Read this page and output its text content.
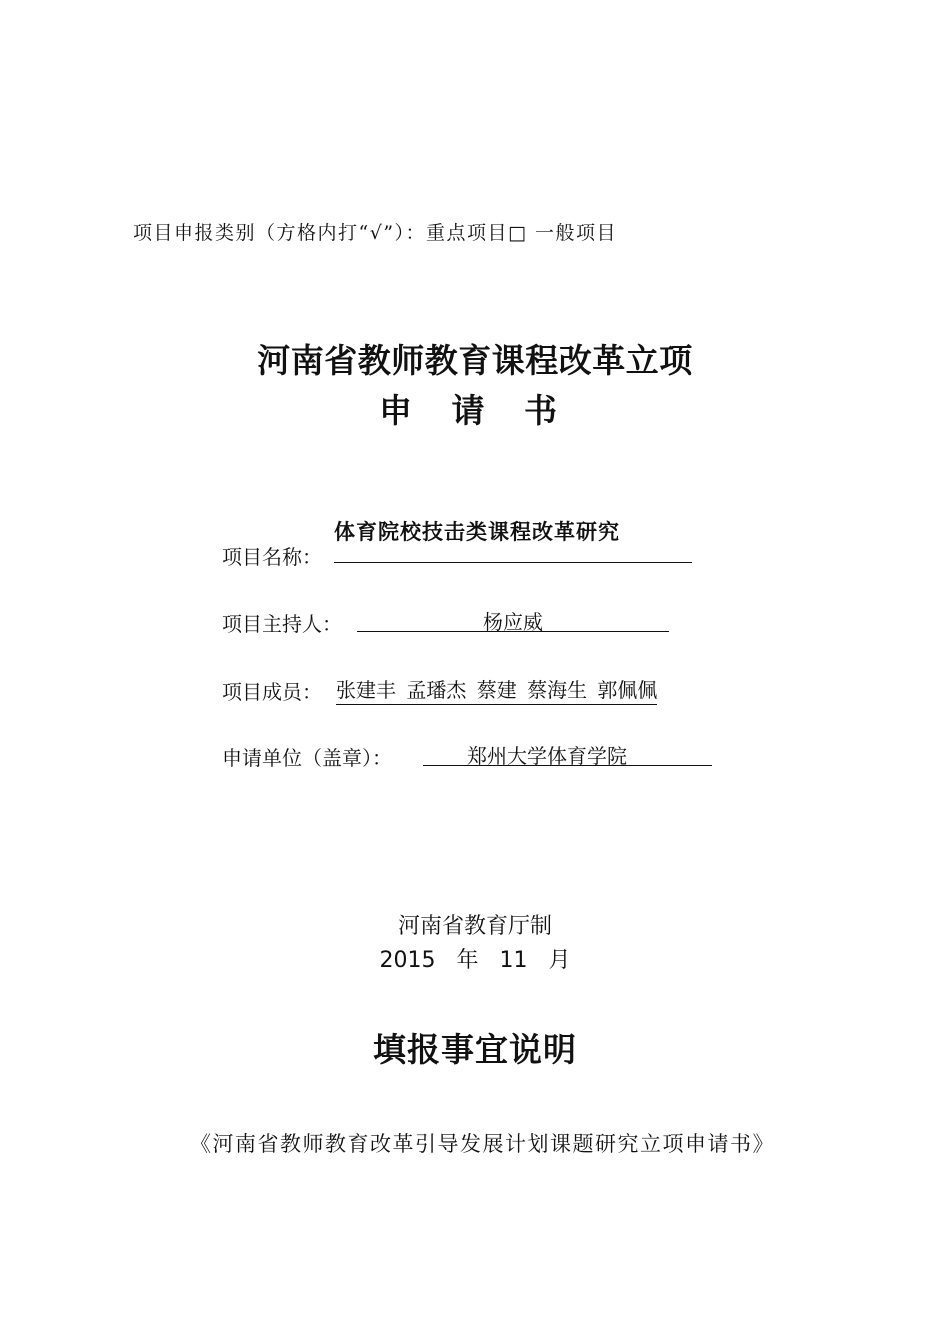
项目申报类别（方格内打“√”）：重点项目□ 一般项目
河南省教师教育课程改革立项
申 请 书
体育院校技击类课程改革研究
项目名称：
项目主持人：	杨应威
项目成员： 张建丰 孟璠杰 蔡建 蔡海生 郭佩佩
申请单位（盖章）：	郑州大学体育学院
河南省教育厅制
2015   年   11   月
填报事宜说明
《河南省教师教育改革引导发展计划课题研究立项申请书》
